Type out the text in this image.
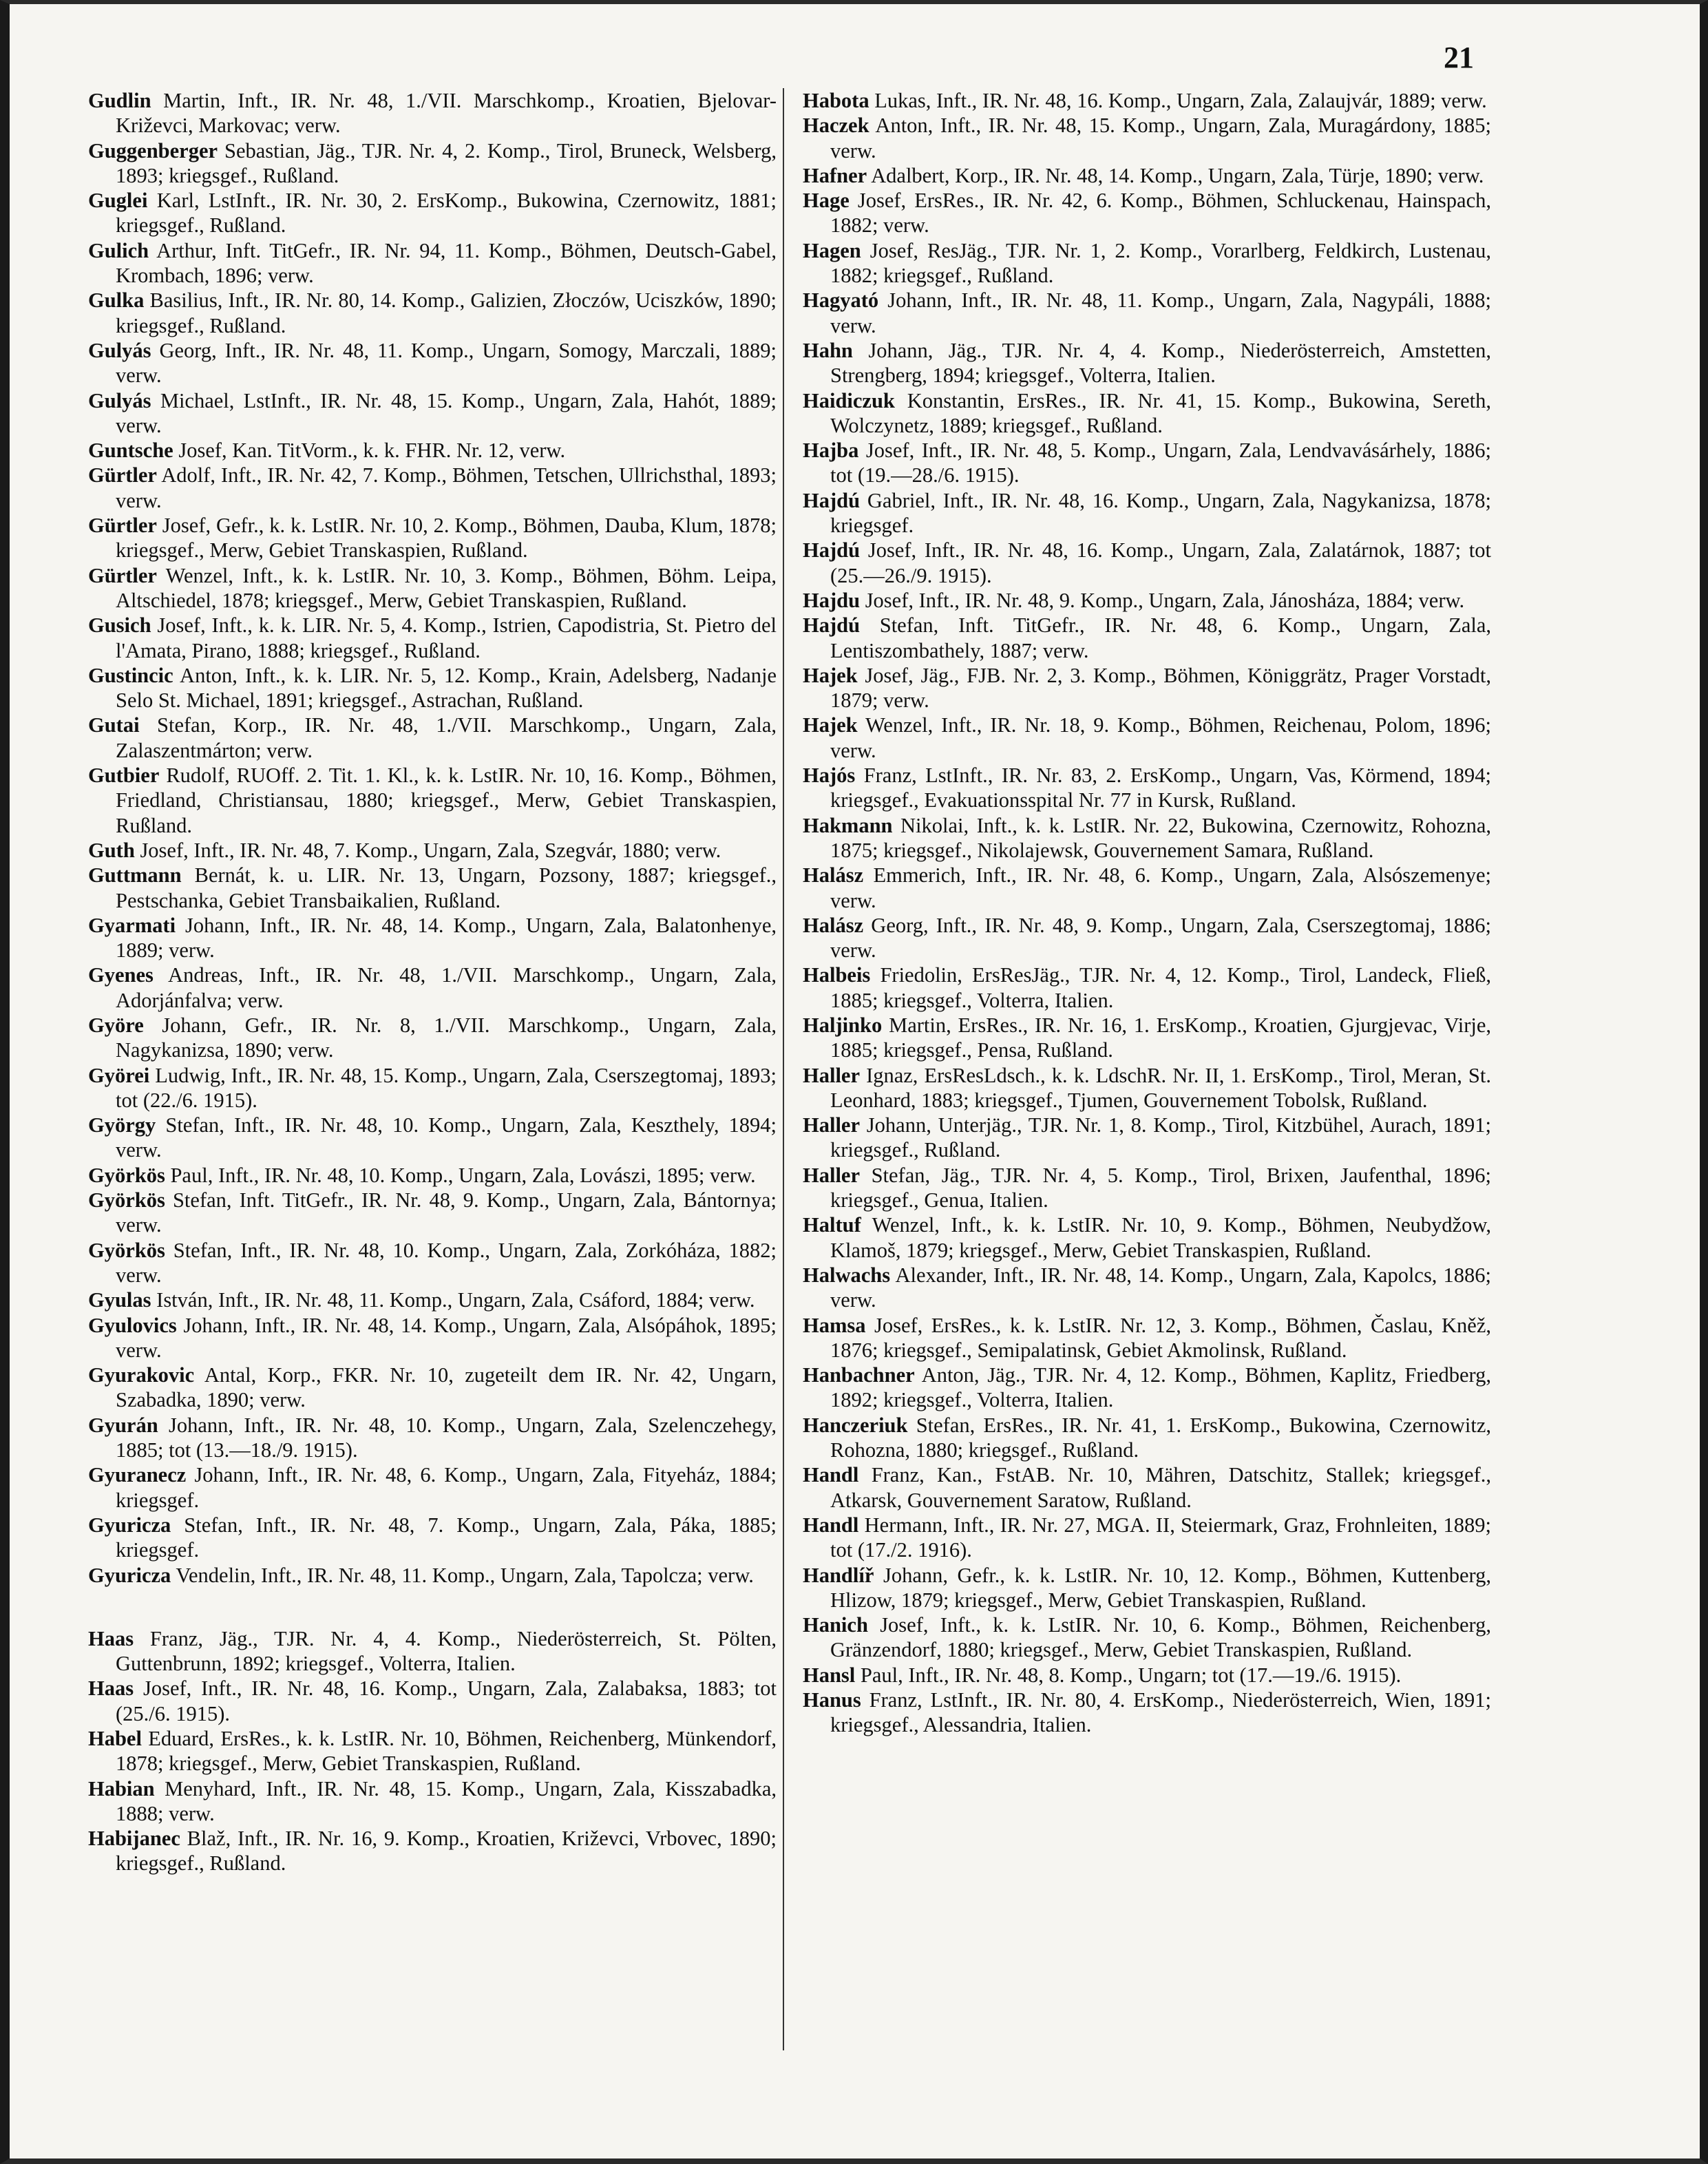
21

Gudlin Martin, Inft., IR. Nr. 48, 1./VII. Marschkomp., Kroatien, Bjelovar-Križevci, Markovac; verw.

Guggenberger Sebastian, Jäg., TJR. Nr. 4, 2. Komp., Tirol, Bruneck, Welsberg, 1893; kriegsgef., Rußland.

Guglei Karl, LstInft., IR. Nr. 30, 2. ErsKomp., Bukowina, Czernowitz, 1881; kriegsgef., Rußland.

Gulich Arthur, Inft. TitGefr., IR. Nr. 94, 11. Komp., Böhmen, Deutsch-Gabel, Krombach, 1896; verw.

Gulka Basilius, Inft., IR. Nr. 80, 14. Komp., Galizien, Złoczów, Uciszków, 1890; kriegsgef., Rußland.

Gulyás Georg, Inft., IR. Nr. 48, 11. Komp., Ungarn, Somogy, Marczali, 1889; verw.

Gulyás Michael, LstInft., IR. Nr. 48, 15. Komp., Ungarn, Zala, Hahót, 1889; verw.

Guntsche Josef, Kan. TitVorm., k. k. FHR. Nr. 12, verw.

Gürtler Adolf, Inft., IR. Nr. 42, 7. Komp., Böhmen, Tetschen, Ullrichsthal, 1893; verw.

Gürtler Josef, Gefr., k. k. LstIR. Nr. 10, 2. Komp., Böhmen, Dauba, Klum, 1878; kriegsgef., Merw, Gebiet Transkaspien, Rußland.

Gürtler Wenzel, Inft., k. k. LstIR. Nr. 10, 3. Komp., Böhmen, Böhm. Leipa, Altschiedel, 1878; kriegsgef., Merw, Gebiet Transkaspien, Rußland.

Gusich Josef, Inft., k. k. LIR. Nr. 5, 4. Komp., Istrien, Capodistria, St. Pietro del l'Amata, Pirano, 1888; kriegsgef., Rußland.

Gustincic Anton, Inft., k. k. LIR. Nr. 5, 12. Komp., Krain, Adelsberg, Nadanje Selo St. Michael, 1891; kriegsgef., Astrachan, Rußland.

Gutai Stefan, Korp., IR. Nr. 48, 1./VII. Marschkomp., Ungarn, Zala, Zalaszentmárton; verw.

Gutbier Rudolf, RUOff. 2. Tit. 1. Kl., k. k. LstIR. Nr. 10, 16. Komp., Böhmen, Friedland, Christiansau, 1880; kriegsgef., Merw, Gebiet Transkaspien, Rußland.

Guth Josef, Inft., IR. Nr. 48, 7. Komp., Ungarn, Zala, Szegvár, 1880; verw.

Guttmann Bernát, k. u. LIR. Nr. 13, Ungarn, Pozsony, 1887; kriegsgef., Pestschanka, Gebiet Transbaikalien, Rußland.

Gyarmati Johann, Inft., IR. Nr. 48, 14. Komp., Ungarn, Zala, Balatonhenye, 1889; verw.

Gyenes Andreas, Inft., IR. Nr. 48, 1./VII. Marschkomp., Ungarn, Zala, Adorjánfalva; verw.

Györe Johann, Gefr., IR. Nr. 8, 1./VII. Marschkomp., Ungarn, Zala, Nagykanizsa, 1890; verw.

Györei Ludwig, Inft., IR. Nr. 48, 15. Komp., Ungarn, Zala, Cserszegtomaj, 1893; tot (22./6. 1915).

György Stefan, Inft., IR. Nr. 48, 10. Komp., Ungarn, Zala, Keszthely, 1894; verw.

Györkös Paul, Inft., IR. Nr. 48, 10. Komp., Ungarn, Zala, Lovászi, 1895; verw.

Györkös Stefan, Inft. TitGefr., IR. Nr. 48, 9. Komp., Ungarn, Zala, Bántornya; verw.

Györkös Stefan, Inft., IR. Nr. 48, 10. Komp., Ungarn, Zala, Zorkóháza, 1882; verw.

Gyulas István, Inft., IR. Nr. 48, 11. Komp., Ungarn, Zala, Csáford, 1884; verw.

Gyulovics Johann, Inft., IR. Nr. 48, 14. Komp., Ungarn, Zala, Alsópáhok, 1895; verw.

Gyurakovic Antal, Korp., FKR. Nr. 10, zugeteilt dem IR. Nr. 42, Ungarn, Szabadka, 1890; verw.

Gyurán Johann, Inft., IR. Nr. 48, 10. Komp., Ungarn, Zala, Szelenczehegy, 1885; tot (13.—18./9. 1915).

Gyuranecz Johann, Inft., IR. Nr. 48, 6. Komp., Ungarn, Zala, Fityeház, 1884; kriegsgef.

Gyuricza Stefan, Inft., IR. Nr. 48, 7. Komp., Ungarn, Zala, Páka, 1885; kriegsgef.

Gyuricza Vendelin, Inft., IR. Nr. 48, 11. Komp., Ungarn, Zala, Tapolcza; verw.

Haas Franz, Jäg., TJR. Nr. 4, 4. Komp., Niederösterreich, St. Pölten, Guttenbrunn, 1892; kriegsgef., Volterra, Italien.

Haas Josef, Inft., IR. Nr. 48, 16. Komp., Ungarn, Zala, Zalabaksa, 1883; tot (25./6. 1915).

Habel Eduard, ErsRes., k. k. LstIR. Nr. 10, Böhmen, Reichenberg, Münkendorf, 1878; kriegsgef., Merw, Gebiet Transkaspien, Rußland.

Habian Menyhard, Inft., IR. Nr. 48, 15. Komp., Ungarn, Zala, Kisszabadka, 1888; verw.

Habijanec Blaž, Inft., IR. Nr. 16, 9. Komp., Kroatien, Križevci, Vrbovec, 1890; kriegsgef., Rußland.

Habota Lukas, Inft., IR. Nr. 48, 16. Komp., Ungarn, Zala, Zalaujvár, 1889; verw.

Haczek Anton, Inft., IR. Nr. 48, 15. Komp., Ungarn, Zala, Muragárdony, 1885; verw.

Hafner Adalbert, Korp., IR. Nr. 48, 14. Komp., Ungarn, Zala, Türje, 1890; verw.

Hage Josef, ErsRes., IR. Nr. 42, 6. Komp., Böhmen, Schluckenau, Hainspach, 1882; verw.

Hagen Josef, ResJäg., TJR. Nr. 1, 2. Komp., Vorarlberg, Feldkirch, Lustenau, 1882; kriegsgef., Rußland.

Hagyató Johann, Inft., IR. Nr. 48, 11. Komp., Ungarn, Zala, Nagypáli, 1888; verw.

Hahn Johann, Jäg., TJR. Nr. 4, 4. Komp., Niederösterreich, Amstetten, Strengberg, 1894; kriegsgef., Volterra, Italien.

Haidiczuk Konstantin, ErsRes., IR. Nr. 41, 15. Komp., Bukowina, Sereth, Wolczynetz, 1889; kriegsgef., Rußland.

Hajba Josef, Inft., IR. Nr. 48, 5. Komp., Ungarn, Zala, Lendvavásárhely, 1886; tot (19.—28./6. 1915).

Hajdú Gabriel, Inft., IR. Nr. 48, 16. Komp., Ungarn, Zala, Nagykanizsa, 1878; kriegsgef.

Hajdú Josef, Inft., IR. Nr. 48, 16. Komp., Ungarn, Zala, Zalatárnok, 1887; tot (25.—26./9. 1915).

Hajdu Josef, Inft., IR. Nr. 48, 9. Komp., Ungarn, Zala, Jánosháza, 1884; verw.

Hajdú Stefan, Inft. TitGefr., IR. Nr. 48, 6. Komp., Ungarn, Zala, Lentiszombathely, 1887; verw.

Hajek Josef, Jäg., FJB. Nr. 2, 3. Komp., Böhmen, Königgrätz, Prager Vorstadt, 1879; verw.

Hajek Wenzel, Inft., IR. Nr. 18, 9. Komp., Böhmen, Reichenau, Polom, 1896; verw.

Hajós Franz, LstInft., IR. Nr. 83, 2. ErsKomp., Ungarn, Vas, Körmend, 1894; kriegsgef., Evakuationsspital Nr. 77 in Kursk, Rußland.

Hakmann Nikolai, Inft., k. k. LstIR. Nr. 22, Bukowina, Czernowitz, Rohozna, 1875; kriegsgef., Nikolajewsk, Gouvernement Samara, Rußland.

Halász Emmerich, Inft., IR. Nr. 48, 6. Komp., Ungarn, Zala, Alsószemenye; verw.

Halász Georg, Inft., IR. Nr. 48, 9. Komp., Ungarn, Zala, Cserszegtomaj, 1886; verw.

Halbeis Friedolin, ErsResJäg., TJR. Nr. 4, 12. Komp., Tirol, Landeck, Fließ, 1885; kriegsgef., Volterra, Italien.

Haljinko Martin, ErsRes., IR. Nr. 16, 1. ErsKomp., Kroatien, Gjurgjevac, Virje, 1885; kriegsgef., Pensa, Rußland.

Haller Ignaz, ErsResLdsch., k. k. LdschR. Nr. II, 1. ErsKomp., Tirol, Meran, St. Leonhard, 1883; kriegsgef., Tjumen, Gouvernement Tobolsk, Rußland.

Haller Johann, Unterjäg., TJR. Nr. 1, 8. Komp., Tirol, Kitzbühel, Aurach, 1891; kriegsgef., Rußland.

Haller Stefan, Jäg., TJR. Nr. 4, 5. Komp., Tirol, Brixen, Jaufenthal, 1896; kriegsgef., Genua, Italien.

Haltuf Wenzel, Inft., k. k. LstIR. Nr. 10, 9. Komp., Böhmen, Neubydžow, Klamoš, 1879; kriegsgef., Merw, Gebiet Transkaspien, Rußland.

Halwachs Alexander, Inft., IR. Nr. 48, 14. Komp., Ungarn, Zala, Kapolcs, 1886; verw.

Hamsa Josef, ErsRes., k. k. LstIR. Nr. 12, 3. Komp., Böhmen, Časlau, Kněž, 1876; kriegsgef., Semipalatinsk, Gebiet Akmolinsk, Rußland.

Hanbachner Anton, Jäg., TJR. Nr. 4, 12. Komp., Böhmen, Kaplitz, Friedberg, 1892; kriegsgef., Volterra, Italien.

Hanczeriuk Stefan, ErsRes., IR. Nr. 41, 1. ErsKomp., Bukowina, Czernowitz, Rohozna, 1880; kriegsgef., Rußland.

Handl Franz, Kan., FstAB. Nr. 10, Mähren, Datschitz, Stallek; kriegsgef., Atkarsk, Gouvernement Saratow, Rußland.

Handl Hermann, Inft., IR. Nr. 27, MGA. II, Steiermark, Graz, Frohnleiten, 1889; tot (17./2. 1916).

Handlíř Johann, Gefr., k. k. LstIR. Nr. 10, 12. Komp., Böhmen, Kuttenberg, Hlizow, 1879; kriegsgef., Merw, Gebiet Transkaspien, Rußland.

Hanich Josef, Inft., k. k. LstIR. Nr. 10, 6. Komp., Böhmen, Reichenberg, Gränzendorf, 1880; kriegsgef., Merw, Gebiet Transkaspien, Rußland.

Hansl Paul, Inft., IR. Nr. 48, 8. Komp., Ungarn; tot (17.—19./6. 1915).

Hanus Franz, LstInft., IR. Nr. 80, 4. ErsKomp., Niederösterreich, Wien, 1891; kriegsgef., Alessandria, Italien.
